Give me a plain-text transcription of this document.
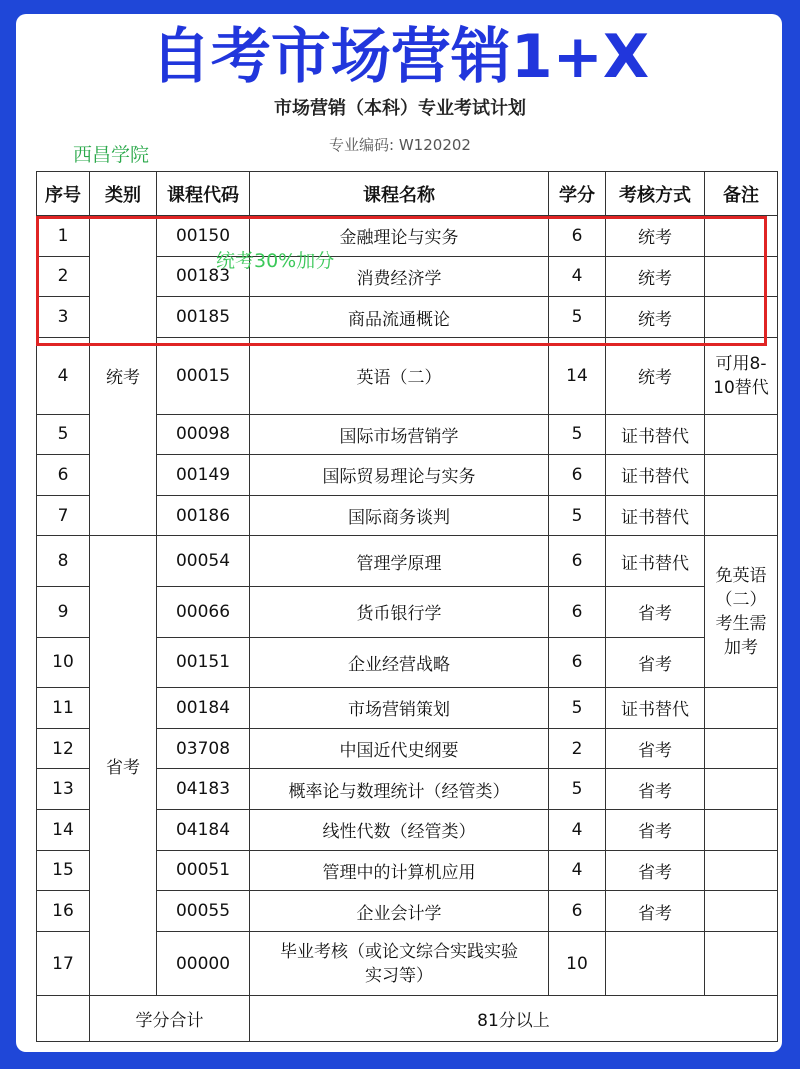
自考市场营销1+X
市场营销（本科）专业考试计划
专业编码: W120202
西昌学院
序号	类别	课程代码	课程名称	学分	考核方式	备注
1	统考	00150	金融理论与实务	6	统考	
2		00183	消费经济学	4	统考	
3		00185	商品流通概论	5	统考	
4		00015	英语（二）	14	统考	可用8-10替代
5		00098	国际市场营销学	5	证书替代	
6		00149	国际贸易理论与实务	6	证书替代	
7		00186	国际商务谈判	5	证书替代	
8	省考	00054	管理学原理	6	证书替代	免英语（二）考生需加考
9		00066	货币银行学	6	省考	
10		00151	企业经营战略	6	省考	
11		00184	市场营销策划	5	证书替代	
12		03708	中国近代史纲要	2	省考	
13		04183	概率论与数理统计（经管类）	5	省考	
14		04184	线性代数（经管类）	4	省考	
15		00051	管理中的计算机应用	4	省考	
16		00055	企业会计学	6	省考	
17		00000	毕业考核（或论文综合实践实验实习等）	10		
	学分合计		81分以上			
统考30%加分
